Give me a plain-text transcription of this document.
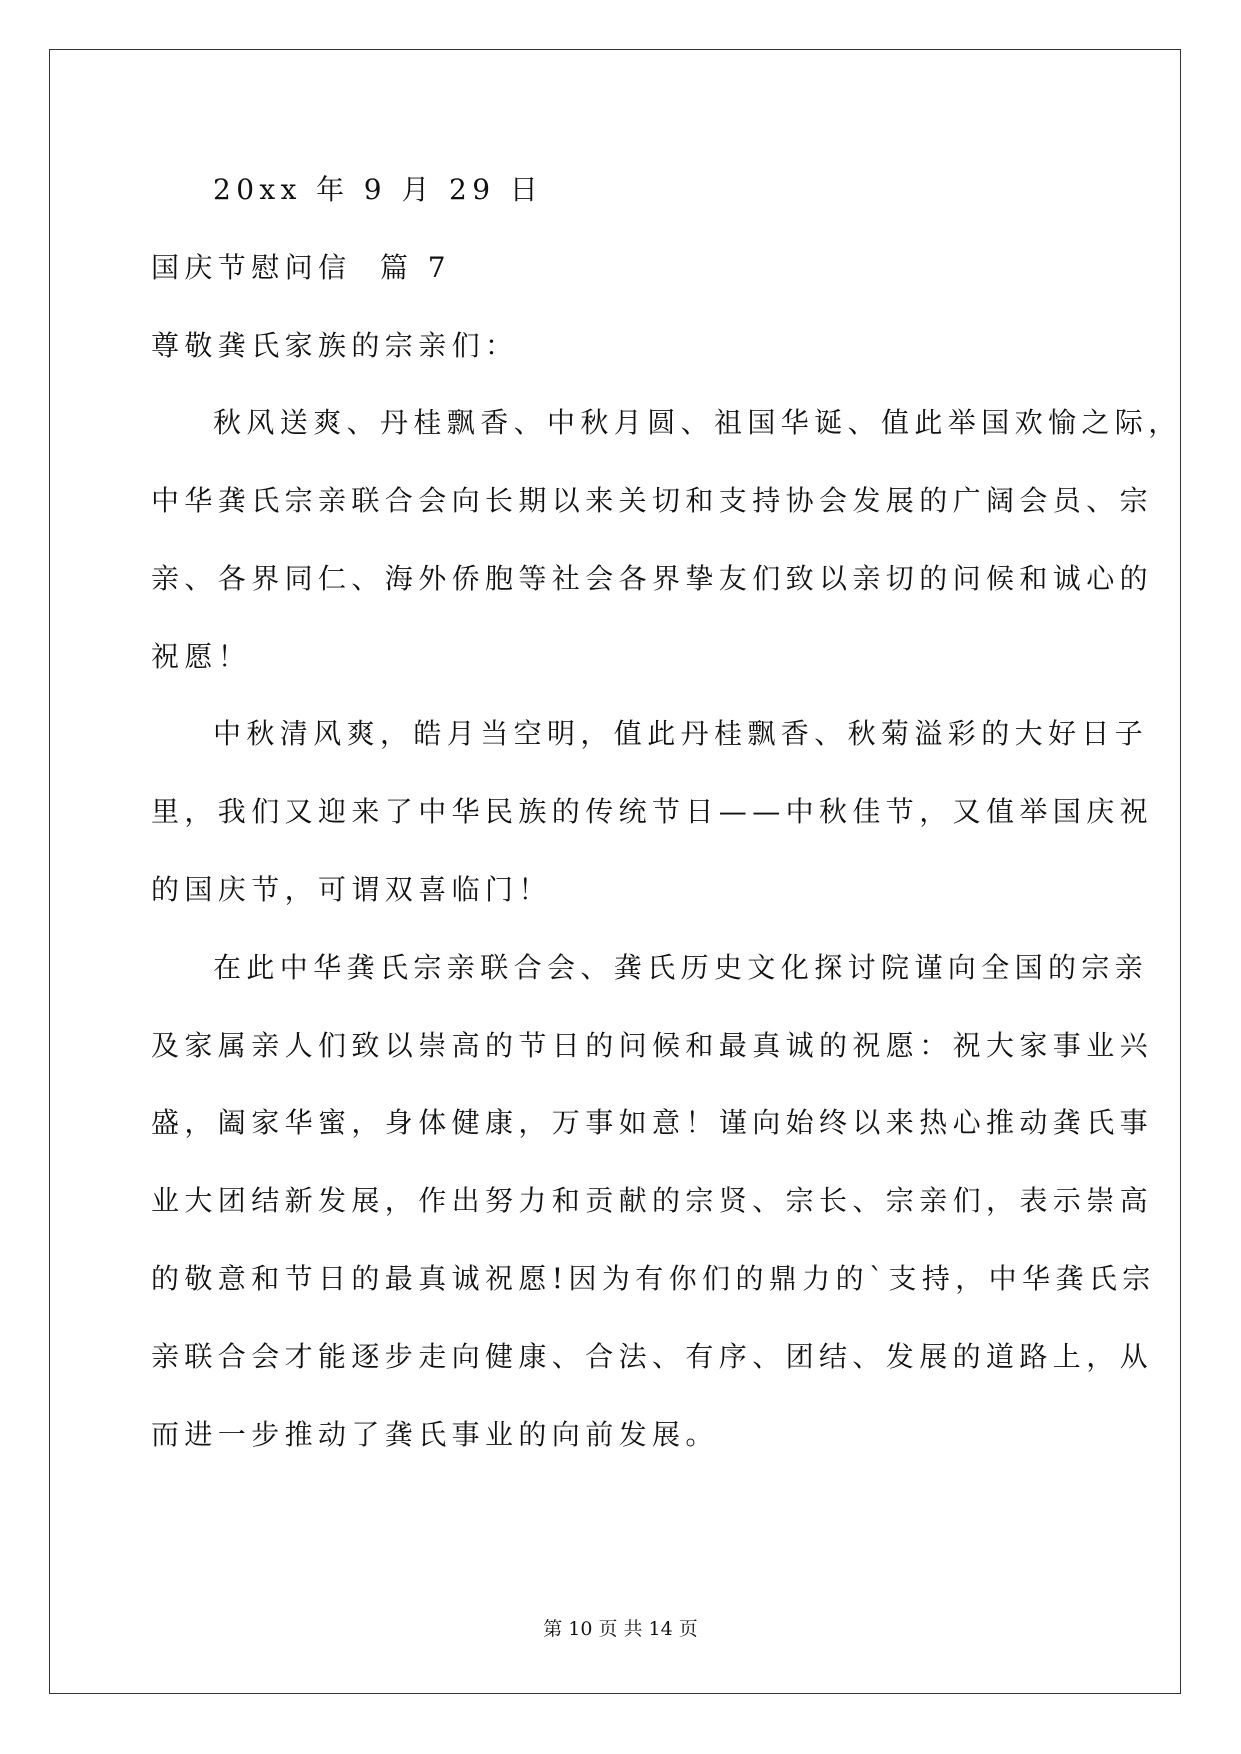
20xx 年 9 月 29 日
国庆节慰问信  篇 7
尊敬龚氏家族的宗亲们：
秋风送爽、丹桂飘香、中秋月圆、祖国华诞、值此举国欢愉之际，
中华龚氏宗亲联合会向长期以来关切和支持协会发展的广阔会员、宗
亲、各界同仁、海外侨胞等社会各界挚友们致以亲切的问候和诚心的
祝愿！
中秋清风爽，皓月当空明，值此丹桂飘香、秋菊溢彩的大好日子
里，我们又迎来了中华民族的传统节日——中秋佳节，又值举国庆祝
的国庆节，可谓双喜临门！
在此中华龚氏宗亲联合会、龚氏历史文化探讨院谨向全国的宗亲
及家属亲人们致以崇高的节日的问候和最真诚的祝愿：祝大家事业兴
盛，阖家华蜜，身体健康，万事如意！谨向始终以来热心推动龚氏事
业大团结新发展，作出努力和贡献的宗贤、宗长、宗亲们，表示崇高
的敬意和节日的最真诚祝愿!因为有你们的鼎力的`支持，中华龚氏宗
亲联合会才能逐步走向健康、合法、有序、团结、发展的道路上，从
而进一步推动了龚氏事业的向前发展。
第 10 页 共 14 页
